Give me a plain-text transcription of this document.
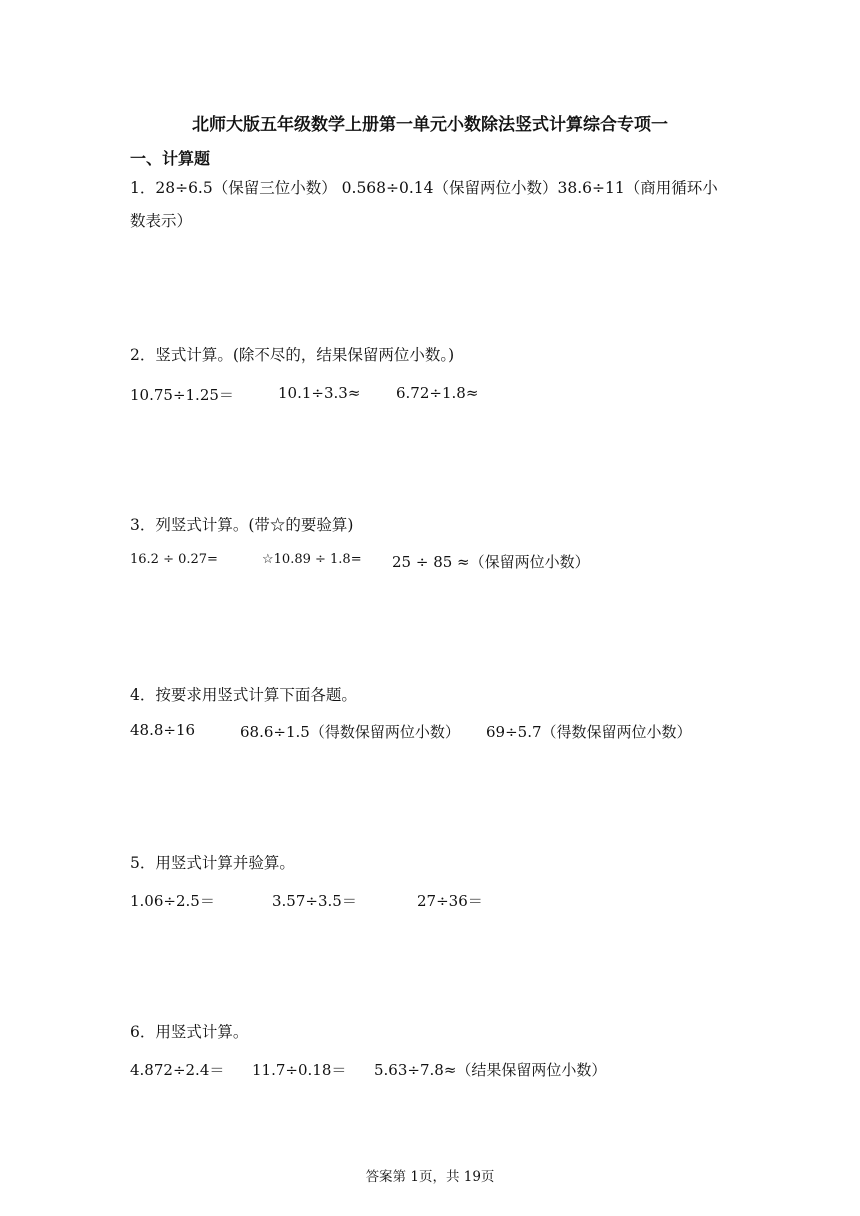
北师大版五年级数学上册第一单元小数除法竖式计算综合专项一
一、计算题
1．28÷6.5（保留三位小数） 0.568÷0.14（保留两位小数）38.6÷11（商用循环小
数表示）
2．竖式计算。(除不尽的，结果保留两位小数。)
10.75÷1.25＝	10.1÷3.3≈ 6.72÷1.8≈
3．列竖式计算。(带☆的要验算)
16.2 ÷ 0.27=	☆10.89 ÷ 1.8= 25 ÷ 85 ≈（保留两位小数）
4．按要求用竖式计算下面各题。
48.8÷16	68.6÷1.5（得数保留两位小数） 69÷5.7（得数保留两位小数）
5．用竖式计算并验算。
1.06÷2.5＝	3.57÷3.5＝	27÷36＝
6．用竖式计算。
4.872÷2.4＝ 11.7÷0.18＝ 5.63÷7.8≈（结果保留两位小数）
答案第 1页，共 19页
